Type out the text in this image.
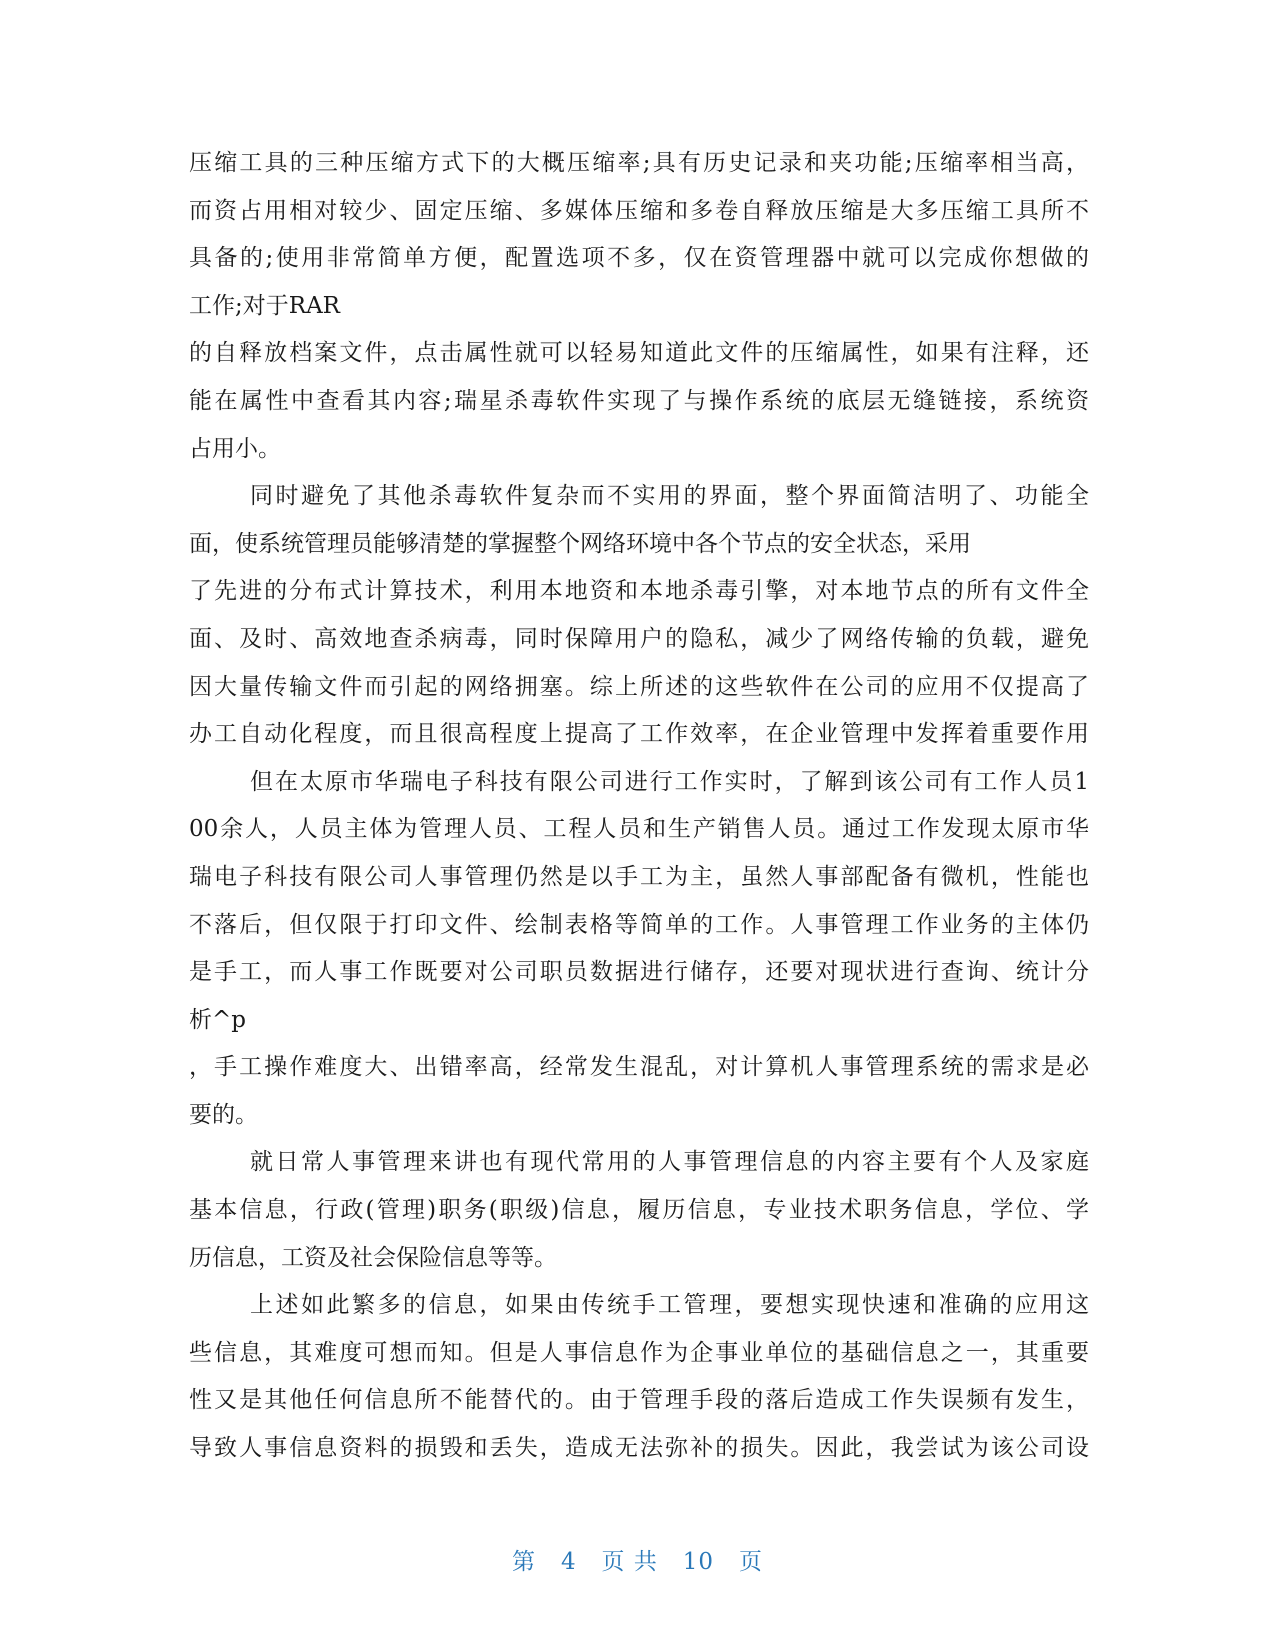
压缩工具的三种压缩方式下的大概压缩率;具有历史记录和夹功能;压缩率相当高，
而资占用相对较少、固定压缩、多媒体压缩和多卷自释放压缩是大多压缩工具所不
具备的;使用非常简单方便，配置选项不多，仅在资管理器中就可以完成你想做的
工作;对于RAR
的自释放档案文件，点击属性就可以轻易知道此文件的压缩属性，如果有注释，还
能在属性中查看其内容;瑞星杀毒软件实现了与操作系统的底层无缝链接，系统资
占用小。
同时避免了其他杀毒软件复杂而不实用的界面，整个界面简洁明了、功能全
面，使系统管理员能够清楚的掌握整个网络环境中各个节点的安全状态，采用
了先进的分布式计算技术，利用本地资和本地杀毒引擎，对本地节点的所有文件全
面、及时、高效地查杀病毒，同时保障用户的隐私，减少了网络传输的负载，避免
因大量传输文件而引起的网络拥塞。综上所述的这些软件在公司的应用不仅提高了
办工自动化程度，而且很高程度上提高了工作效率，在企业管理中发挥着重要作用
但在太原市华瑞电子科技有限公司进行工作实时，了解到该公司有工作人员1
00余人，人员主体为管理人员、工程人员和生产销售人员。通过工作发现太原市华
瑞电子科技有限公司人事管理仍然是以手工为主，虽然人事部配备有微机，性能也
不落后，但仅限于打印文件、绘制表格等简单的工作。人事管理工作业务的主体仍
是手工，而人事工作既要对公司职员数据进行储存，还要对现状进行查询、统计分
析^p
，手工操作难度大、出错率高，经常发生混乱，对计算机人事管理系统的需求是必
要的。
就日常人事管理来讲也有现代常用的人事管理信息的内容主要有个人及家庭
基本信息，行政(管理)职务(职级)信息，履历信息，专业技术职务信息，学位、学
历信息，工资及社会保险信息等等。
上述如此繁多的信息，如果由传统手工管理，要想实现快速和准确的应用这
些信息，其难度可想而知。但是人事信息作为企事业单位的基础信息之一，其重要
性又是其他任何信息所不能替代的。由于管理手段的落后造成工作失误频有发生，
导致人事信息资料的损毁和丢失，造成无法弥补的损失。因此，我尝试为该公司设
第 4 页 共 10 页
